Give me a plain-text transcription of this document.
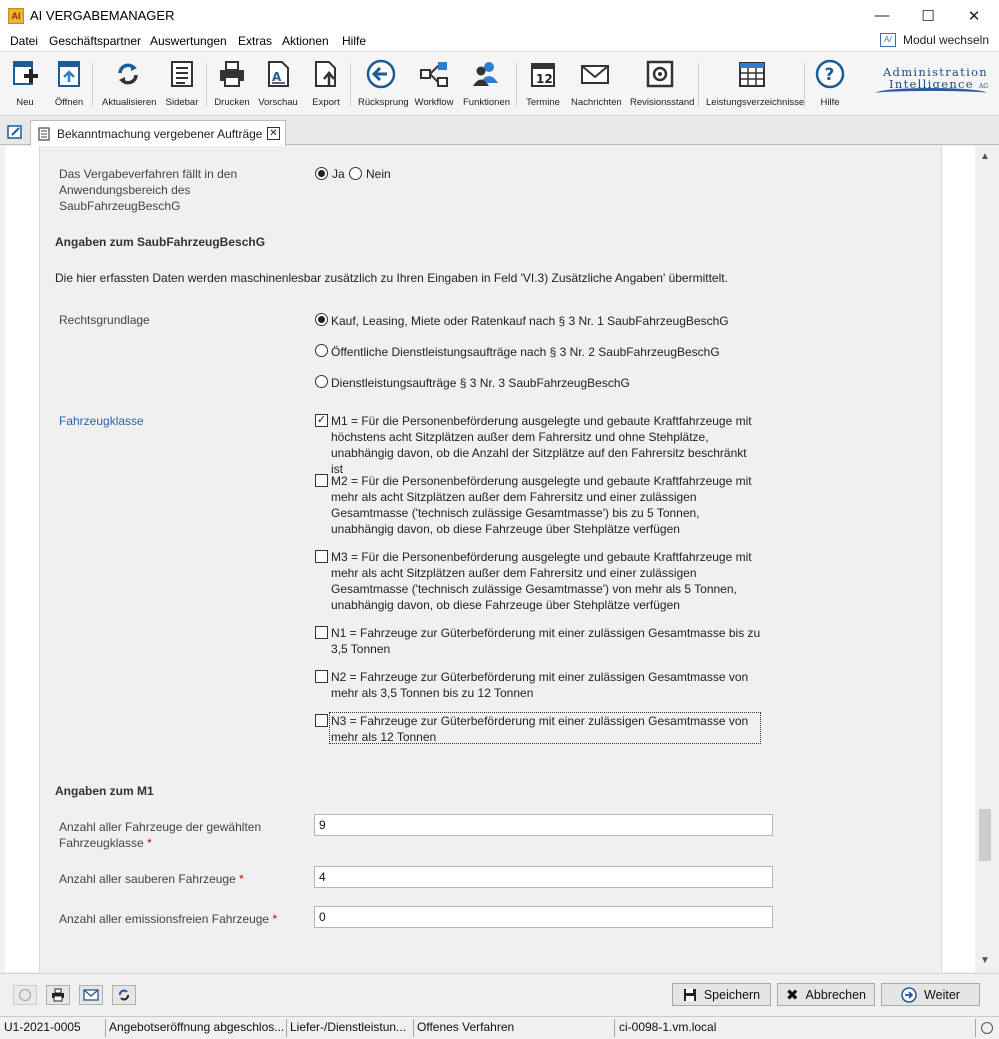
AI AI VERGABEMANAGER	—	☐	✕
Datei Geschäftspartner Auswertungen Extras Aktionen Hilfe	A/ Modul wechseln
Neu	Öffnen Aktualisieren Sidebar Drucken
A
Vorschau Export Rücksprung Workflow Funktionen
12
Termine Nachrichten Revisionsstand Leistungsverzeichnisse
?
Hilfe
Administration
Intelligence AG
Bekanntmachung vergebener Aufträge ✕
Das Vergabeverfahren fällt in den Anwendungsbereich des SaubFahrzeugBeschG
Ja Nein
Angaben zum SaubFahrzeugBeschG
Die hier erfassten Daten werden maschinenlesbar zusätzlich zu Ihren Eingaben in Feld 'VI.3) Zusätzliche Angaben' übermittelt.
Rechtsgrundlage	Kauf, Leasing, Miete oder Ratenkauf nach § 3 Nr. 1 SaubFahrzeugBeschG
Öffentliche Dienstleistungsaufträge nach § 3 Nr. 2 SaubFahrzeugBeschG
Dienstleistungsaufträge § 3 Nr. 3 SaubFahrzeugBeschG
Fahrzeugklasse	✓ M1 = Für die Personenbeförderung ausgelegte und gebaute Kraftfahrzeuge mit höchstens acht Sitzplätzen außer dem Fahrersitz und ohne Stehplätze, unabhängig davon, ob die Anzahl der Sitzplätze auf den Fahrersitz beschränkt ist
M2 = Für die Personenbeförderung ausgelegte und gebaute Kraftfahrzeuge mit mehr als acht Sitzplätzen außer dem Fahrersitz und einer zulässigen Gesamtmasse ('technisch zulässige Gesamtmasse') bis zu 5 Tonnen, unabhängig davon, ob diese Fahrzeuge über Stehplätze verfügen
M3 = Für die Personenbeförderung ausgelegte und gebaute Kraftfahrzeuge mit mehr als acht Sitzplätzen außer dem Fahrersitz und einer zulässigen Gesamtmasse ('technisch zulässige Gesamtmasse') von mehr als 5 Tonnen, unabhängig davon, ob diese Fahrzeuge über Stehplätze verfügen
N1 = Fahrzeuge zur Güterbeförderung mit einer zulässigen Gesamtmasse bis zu 3,5 Tonnen
N2 = Fahrzeuge zur Güterbeförderung mit einer zulässigen Gesamtmasse von mehr als 3,5 Tonnen bis zu 12 Tonnen
N3 = Fahrzeuge zur Güterbeförderung mit einer zulässigen Gesamtmasse von mehr als 12 Tonnen
Angaben zum M1
Anzahl aller Fahrzeuge der gewählten Fahrzeugklasse *
9
Anzahl aller sauberen Fahrzeuge *
4
Anzahl aller emissionsfreien Fahrzeuge *
0
▲
▼
Speichern ✖ Abbrechen	Weiter
U1-2021-0005	Angebotseröffnung abgeschlos... Liefer-/Dienstleistun... Offenes Verfahren	ci-0098-1.vm.local
